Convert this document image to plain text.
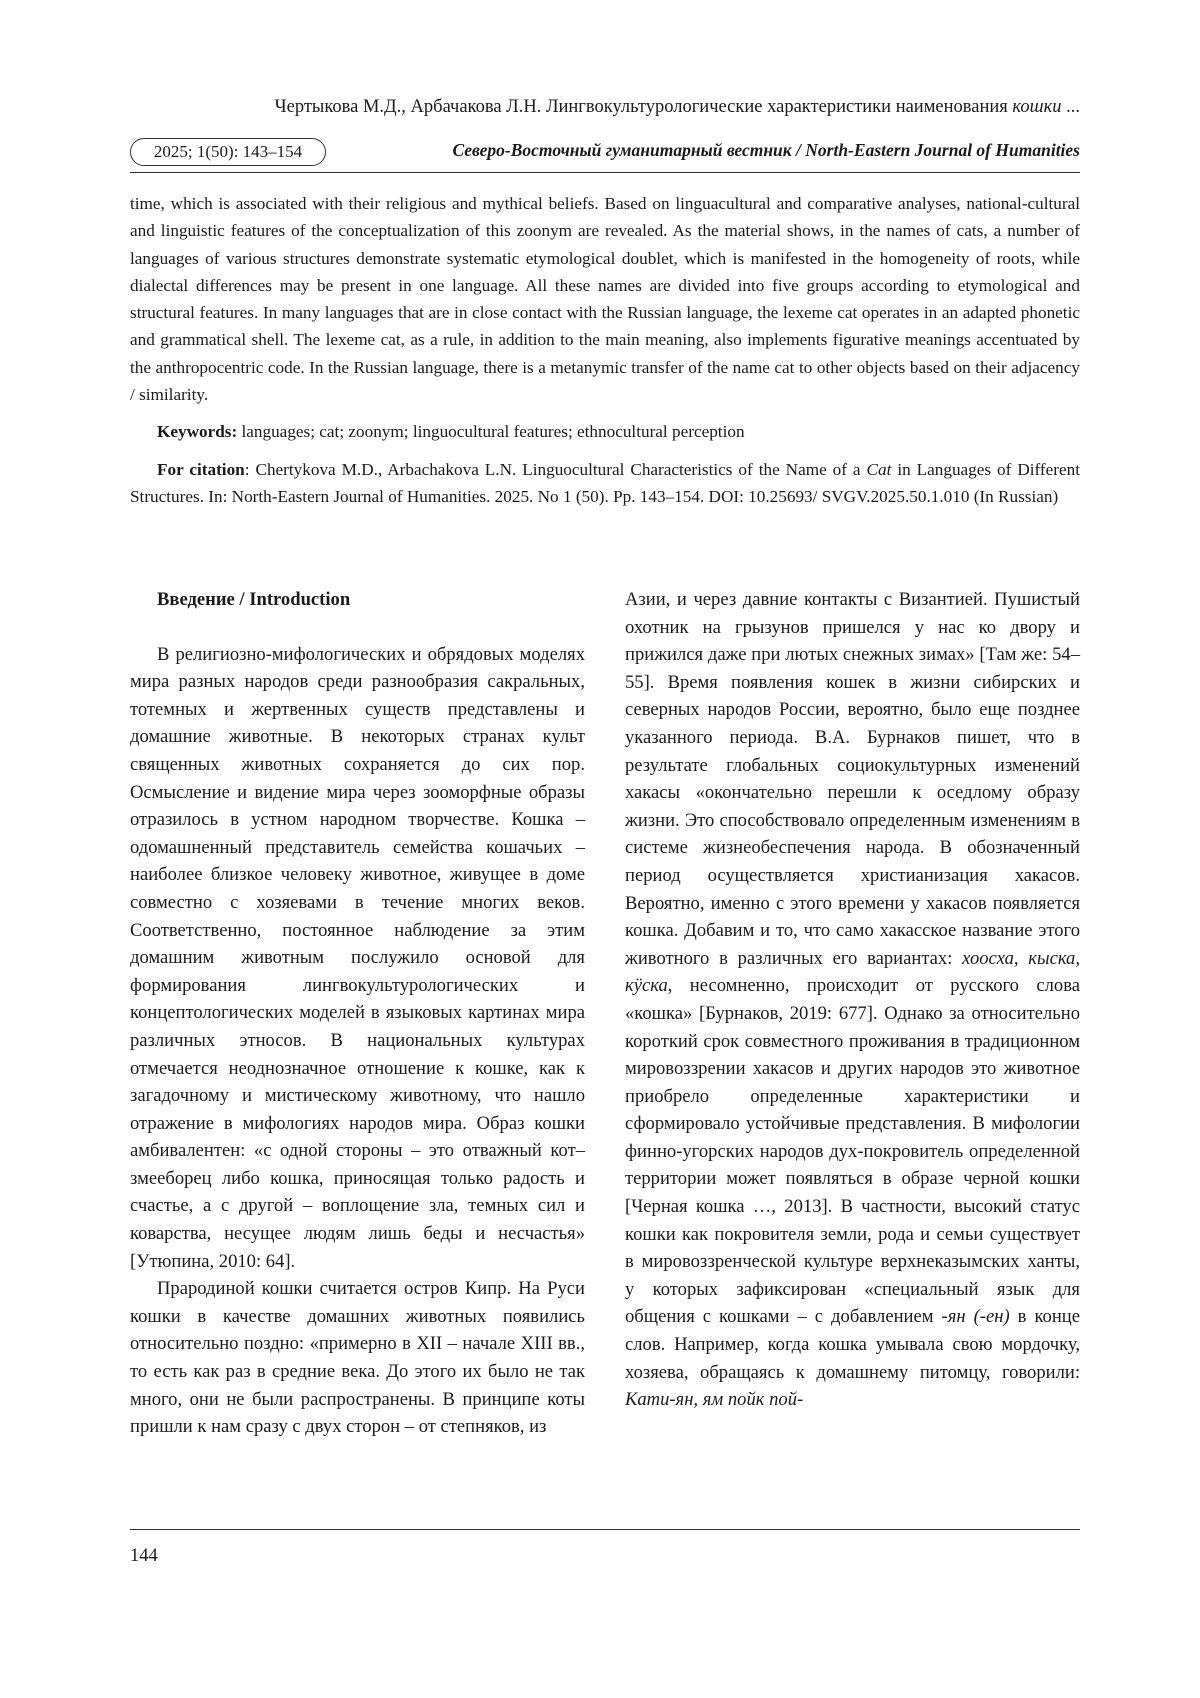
Чертыкова М.Д., Арбачакова Л.Н. Лингвокультурологические характеристики наименования кошки ...
2025; 1(50): 143–154	Северо-Восточный гуманитарный вестник / North-Eastern Journal of Humanities

time, which is associated with their religious and mythical beliefs. Based on linguacultural and comparative analyses, national-cultural and linguistic features of the conceptualization of this zoonym are revealed. As the material shows, in the names of cats, a number of languages of various structures demonstrate systematic etymological doublet, which is manifested in the homogeneity of roots, while dialectal differences may be present in one language. All these names are divided into five groups according to etymological and structural features. In many languages that are in close contact with the Russian language, the lexeme cat operates in an adapted phonetic and grammatical shell. The lexeme cat, as a rule, in addition to the main meaning, also implements figurative meanings accentuated by the anthropocentric code. In the Russian language, there is a metanymic transfer of the name cat to other objects based on their adjacency / similarity.

Keywords: languages; cat; zoonym; linguocultural features; ethnocultural perception

For citation: Chertykova M.D., Arbachakova L.N. Linguocultural Characteristics of the Name of a Cat in Languages of Different Structures. In: North-Eastern Journal of Humanities. 2025. No 1 (50). Pp. 143–154. DOI: 10.25693/ SVGV.2025.50.1.010 (In Russian)

Введение / Introduction

В религиозно-мифологических и обрядовых моделях мира разных народов среди разнообразия сакральных, тотемных и жертвенных существ представлены и домашние животные. В некоторых странах культ священных животных сохраняется до сих пор. Осмысление и видение мира через зооморфные образы отразилось в устном народном творчестве. Кошка – одомашненный представитель семейства кошачьих – наиболее близкое человеку животное, живущее в доме совместно с хозяевами в течение многих веков. Соответственно, постоянное наблюдение за этим домашним животным послужило основой для формирования лингвокультурологических и концептологических моделей в языковых картинах мира различных этносов. В национальных культурах отмечается неоднозначное отношение к кошке, как к загадочному и мистическому животному, что нашло отражение в мифологиях народов мира. Образ кошки амбивалентен: «с одной стороны – это отважный кот–змееборец либо кошка, приносящая только радость и счастье, а с другой – воплощение зла, темных сил и коварства, несущее людям лишь беды и несчастья» [Утюпина, 2010: 64].

Прародиной кошки считается остров Кипр. На Руси кошки в качестве домашних животных появились относительно поздно: «примерно в XII – начале XIII вв., то есть как раз в средние века. До этого их было не так много, они не были распространены. В принципе коты пришли к нам сразу с двух сторон – от степняков, из

Азии, и через давние контакты с Византией. Пушистый охотник на грызунов пришелся у нас ко двору и прижился даже при лютых снежных зимах» [Там же: 54–55]. Время появления кошек в жизни сибирских и северных народов России, вероятно, было еще позднее указанного периода. В.А. Бурнаков пишет, что в результате глобальных социокультурных изменений хакасы «окончательно перешли к оседлому образу жизни. Это способствовало определенным изменениям в системе жизнеобеспечения народа. В обозначенный период осуществляется христианизация хакасов. Вероятно, именно с этого времени у хакасов появляется кошка. Добавим и то, что само хакасское название этого животного в различных его вариантах: хоосха, кыска, кӱска, несомненно, происходит от русского слова «кошка» [Бурнаков, 2019: 677]. Однако за относительно короткий срок совместного проживания в традиционном мировоззрении хакасов и других народов это животное приобрело определенные характеристики и сформировало устойчивые представления. В мифологии финно-угорских народов дух-покровитель определенной территории может появляться в образе черной кошки [Черная кошка …, 2013]. В частности, высокий статус кошки как покровителя земли, рода и семьи существует в мировоззренческой культуре верхнеказымских ханты, у которых зафиксирован «специальный язык для общения с кошками – с добавлением -ян (-ен) в конце слов. Например, когда кошка умывала свою мордочку, хозяева, обращаясь к домашнему питомцу, говорили: Кати-ян, ям пойк пой-

144
